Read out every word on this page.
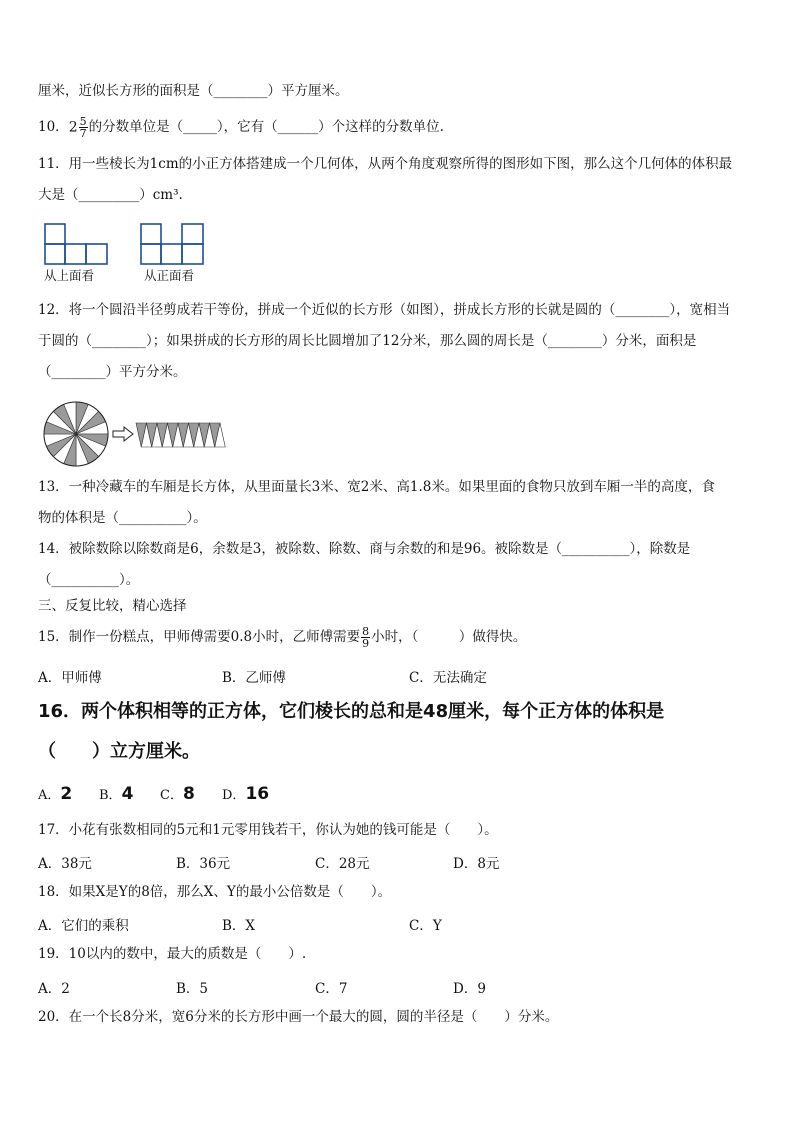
厘米，近似长方形的面积是（________）平方厘米。
10．$2 \frac{5}{7}$ 的分数单位是（_____），它有（______）个这样的分数单位.
11．用一些棱长为1cm的小正方体搭建成一个几何体，从两个角度观察所得的图形如下图，那么这个几何体的体积最
大是（_________）cm³.
从上面看	从正面看
12．将一个圆沿半径剪成若干等份，拼成一个近似的长方形（如图），拼成长方形的长就是圆的（________），宽相当
于圆的（________）；如果拼成的长方形的周长比圆增加了12分米，那么圆的周长是（________）分米，面积是
（________）平方分米。
13．一种冷藏车的车厢是长方体，从里面量长3米、宽2米、高1.8米。如果里面的食物只放到车厢一半的高度，食
物的体积是（__________）。
14．被除数除以除数商是6，余数是3，被除数、除数、商与余数的和是96。被除数是（__________），除数是
（__________）。
三、反复比较，精心选择
15．制作一份糕点，甲师傅需要0.8小时，乙师傅需要 $\frac{8}{9}$ 小时，（　　　）做得快。
A．甲师傅	B．乙师傅	C．无法确定
16．两个体积相等的正方体，它们棱长的总和是48厘米，每个正方体的体积是
（　　）立方厘米。
A．2 B．4 C．8 D．16
17．小花有张数相同的5元和1元零用钱若干，你认为她的钱可能是（　　）。
A．38元	B．36元	C．28元	D．8元
18．如果X是Y的8倍，那么X、Y的最小公倍数是（　　）。
A．它们的乘积	B．X	C．Y
19．10以内的数中，最大的质数是（　　）.
A．2	B．5	C．7	D．9
20．在一个长8分米，宽6分米的长方形中画一个最大的圆，圆的半径是（　　）分米。
